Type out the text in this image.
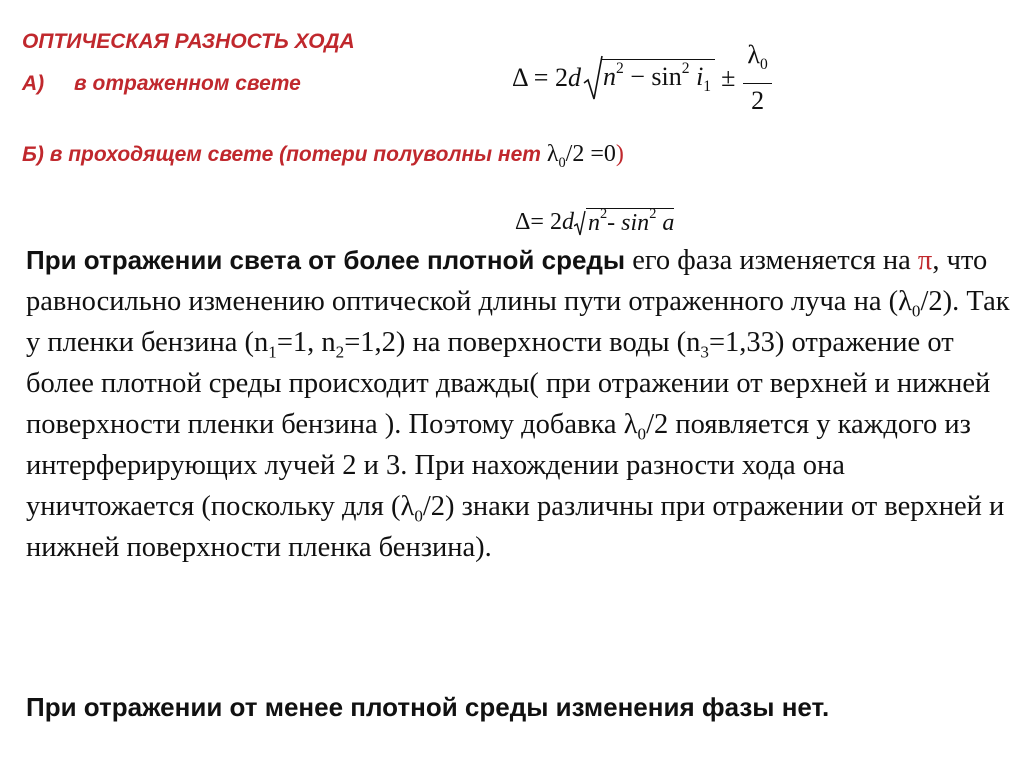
ОПТИЧЕСКАЯ РАЗНОСТЬ ХОДА
А) в отраженном свете	Δ = 2 d $n^2 - \sin^2 i_1 \pm \frac{\lambda_0}{2}$
Б) в проходящем свете (потери полуволны нет $\lambda_0/2 =0$)
Δ= 2 d $n^2-$ $\sin^2 a$

При отражении света от более плотной среды его фаза изменяется на π, что равносильно изменению оптической длины пути отраженного луча на $(\lambda_0/2)$. Так у пленки бензина ($n_1=1$, $n_2=1,2$) на поверхности воды $(n_3=1,33)$ отражение от более плотной среды происходит дважды( при отражении от верхней и нижней поверхности пленки бензина ). Поэтому добавка $\lambda_0/2$ появляется у каждого из интерферирующих лучей 2 и 3. При нахождении разности хода она уничтожается (поскольку для $(\lambda_0/2)$ знаки различны при отражении от верхней и нижней поверхности пленка бензина).

При отражении от менее плотной среды изменения фазы нет.
